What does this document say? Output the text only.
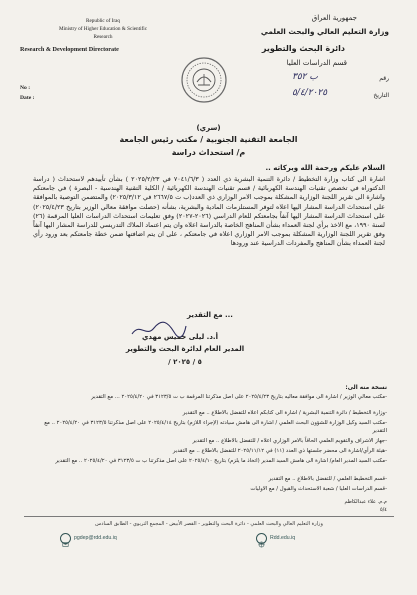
Republic of Iraq
Ministry of Higher Education & Scientific
Research
Research & Development Directorate
No :
Date :
جمهورية العراق
وزارة التعليم العالي والبحث العلمي
دائرة البحث والتطوير
قسم الدراسات العليا
رقم
التاريخ
ب ٣٥٢
٥/٤/٢٠٢٥
(سري)
الجامعة التقنية الجنوبية / مكتب رئيس الجامعة
م/ استحداث دراسة
السلام عليكم ورحمة الله وبركاته ..
اشارة الى كتاب وزارة التخطيط / دائرة التنمية البشرية ذي العدد ( ٧٠٤١/٦/٣ في ٢٠٢٥/٢/٢٣ ) بشأن تأييدهم لاستحداث ( دراسة الدكتوراه في تخصص تقنيات الهندسة الكهربائية / قسم تقنيات الهندسة الكهربائية / الكلية التقنية الهندسية - البصرة ) في جامعتكم واشارة الى تقرير اللجنة الوزارية المشكلة بموجب الامر الوزاري ذي العدد(ب ت ٢٦٦٧/٥ في ٢٠٢٥/٣/١٢) والمتضمن التوصية بالموافقة على استحداث الدراسة المشار اليها اعلاه لتوفر المستلزمات المادية والبشرية، بشأنه (حصلت موافقة معالي الوزير بتاريخ ٢٠٢٥/٤/٢٣) على استحداث الدراسة المشار اليها آنفاً بجامعتكم للعام الدراسي (٢٠٢٦-٢٠٢٧) وفق تعليمات استحداث الدراسات العليا المرقمة (٢٦) لسنة ١٩٩٠، مع الاخذ برأي لجنة العمداء بشأن المناهج الخاصة بالدراسة اعلاه وان يتم اعتماد الملاك التدريسي للدراسة المشار اليها آنفاً وفق تقرير اللجنة الوزارية المشكلة بموجب الامر الوزاري اعلاه في جامعتكم ، على ان يتم اضافتها ضمن خطة جامعتكم بعد ورود رأي لجنة العمداء بشأن المناهج والمفردات الدراسية عند ورودها
... مع التقدير
أ.د. ليلى خميس مهدي
المدير العام لدائرة البحث والتطوير
/ ٥ / ٢٠٢٥
نسخة منه الى:
-مكتب معالي الوزير / اشارة الى موافقة معاليه بتاريخ ٢٠٢٥/٤/٢٣ على اصل مذكرتنا المرقمة ب ت ٣١٢٣/٥ في ٢٠٢٥/٤/٢٠ ... مع التقدير
-وزارة التخطيط / دائرة التنمية البشرية / اشارة الى كتابكم اعلاه للتفضل بالاطلاع .. مع التقدير
-مكتب السيد وكيل الوزارة للشؤون البحث العلمي / اشارة الى هامش سيادته (لإجراء اللازم) بتاريخ ٢٠٢٥/٤/١٤ على اصل مذكرتنا ٣١٢٣/٥ في ٢٠٢٥/٤/٢٠ .. مع التقدير
-جهاز الاشراف والتقويم العلمي الحاقاً بالامر الوزاري اعلاه / للتفضل بالاطلاع .. مع التقدير
-هيئة الرأي/اشارة الى محضر جلستها ذي العدد (١١) في ٢٠٢٥/١١/١٢ للتفضل بالاطلاع .. مع التقدير
-مكتب السيد المدير العام/ اشارة الى هامش السيد المدير (اتخاذ ما يلزم) بتاريخ ٢٠٢٥/٤/١٠ على اصل مذكرتنا ب ت ٣١٢٣/٥ في ٢٠٢٥/٤/٢٠ .. مع التقدير
-قسم التخطيط العلمي / للتفضل بالاطلاع .. مع التقدير
-قسم الدراسات العليا / شعبة الاستحداث والقبول / مع الاوليات
م.م. علاء عبدالكاظم
٥/٤
وزارة التعليم العالي والبحث العلمي - دائرة البحث والتطوير - القصر الأبيض - المجمع التربوي - الطابق السادس
pgdep@rdd.edu.iq	Rdd.edu.iq
